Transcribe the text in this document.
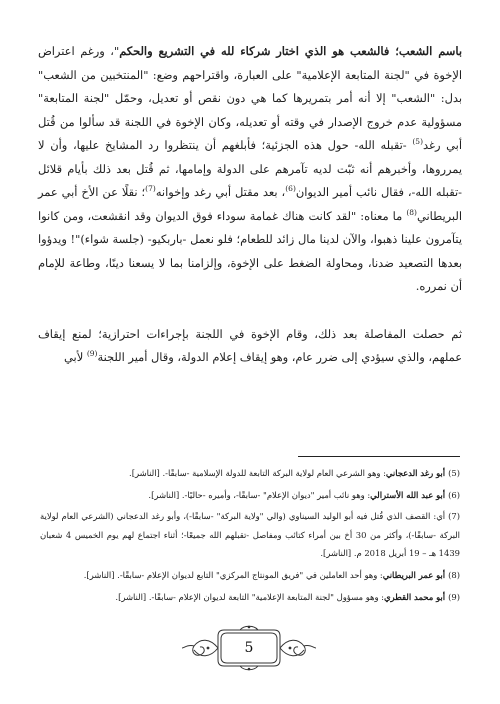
باسم الشعب؛ فالشعب هو الذي اختار شركاء لله في التشريع والحكم"، ورغم اعتراض الإخوة في "لجنة المتابعة الإعلامية" على العبارة، واقتراحهم وضع: "المنتخبين من الشعب" بدل: "الشعب" إلا أنه أمر بتمريرها كما هي دون نقص أو تعديل، وحمّل "لجنة المتابعة" مسؤولية عدم خروج الإصدار في وقته أو تعديله، وكان الإخوة في اللجنة قد سألوا من قُتل أبي رغد$^{(5)}$ -تقبله الله- حول هذه الجزئية؛ فأبلغهم أن ينتظروا رد المشايخ عليها، وأن لا يمرروها، وأخبرهم أنه ثبّت لديه تآمرهم على الدولة وإمامها، ثم قُتل بعد ذلك بأيام قلائل -تقبله الله-، فقال نائب أمير الديوان$^{(6)}$، بعد مقتل أبي رغد وإخوانه$^{(7)}$؛ نقلًا عن الأخ أبي عمر البريطاني$^{(8)}$ ما معناه: "لقد كانت هناك غمامة سوداء فوق الديوان وقد انقشعت، ومن كانوا يتآمرون علينا ذهبوا، والآن لدينا مال زائد للطعام؛ فلو نعمل -باربكيو- (جلسة شواء)"! ويدؤوا بعدها التصعيد ضدنا، ومحاولة الضغط على الإخوة، وإلزامنا بما لا يسعنا دينًا، وطاعة للإمام أن نمرره.

ثم حصلت المفاصلة بعد ذلك، وقام الإخوة في اللجنة بإجراءات احترازية؛ لمنع إيقاف عملهم، والذي سيؤدي إلى ضرر عام، وهو إيقاف إعلام الدولة، وقال أمير اللجنة$^{(9)}$ لأبي

(5)أبو رغد الدعجاني: وهو الشرعي العام لولاية البركة التابعة للدولة الإسلامية -سابقًا-. [الناشر].

(6)أبو عبد الله الأسترالي: وهو نائب أمير "ديوان الإعلام" -سابقًا-، وأميره -حاليًا-. [الناشر].

(7)أي: القصف الذي قُتل فيه أبو الوليد السيناوي (والي "ولاية البركة" -سابقًا-)، وأبو رغد الدعجاني (الشرعي العام لولاية البركة -سابقًا-)، وأكثر من 30 أخ بين أمراء كتائب ومفاصل -تقبلهم الله جميعًا-؛ أثناء اجتماع لهم يوم الخميس 4 شعبان 1439 هـ – 19 أبريل 2018 م. [الناشر].

(8)أبو عمر البريطاني: وهو أحد العاملين في "فريق المونتاج المركزي" التابع لديوان الإعلام -سابقًا-. [الناشر].

(9)أبو محمد القطري: وهو مسؤول "لجنة المتابعة الإعلامية" التابعة لديوان الإعلام -سابقًا-. [الناشر].

5
